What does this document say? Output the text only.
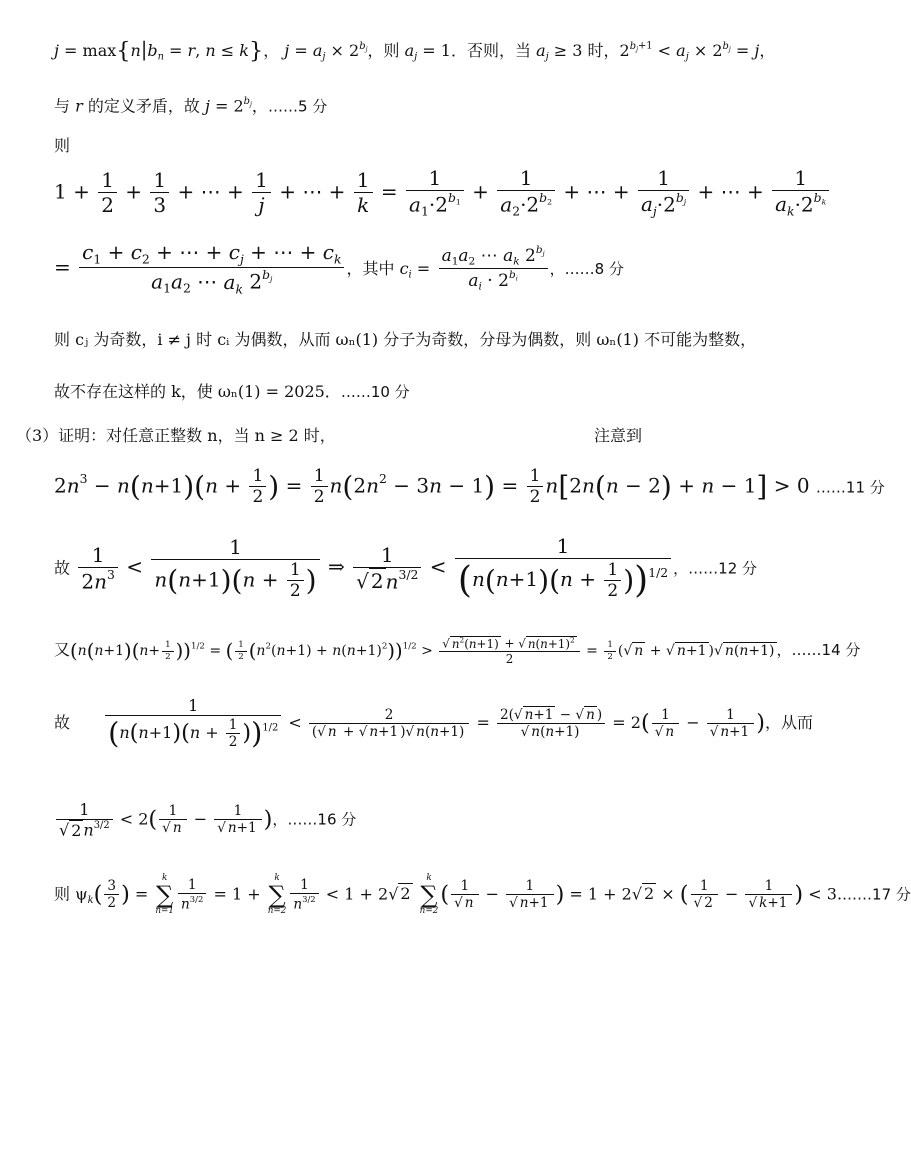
$j = \max\{n|b_n = r$, n ≤ k}， $j = a_j \times 2^{b_j}$，则 $a_j = 1$．否则，当 $a_j \ge 3$ 时，$2^{b_j+1} < a_j \times 2^{b_j} = j$，
与 r 的定义矛盾，故 $j = 2^{b_j}$，……5 分
则
$1 + \frac{1}{2} + \frac{1}{3}$ + ⋯ + $\frac{1}{j}$ + ⋯ + $\frac{1}{k} = \frac{1}{a_1\cdot 2^{b_1}} + \frac{1}{a_2\cdot 2^{b_2}}$ + ⋯ + $\frac{1}{a_j\cdot 2^{b_j}}$ + ⋯ + $\frac{1}{a_k\cdot 2^{b_k}}$
= $\frac{c_1 + c_2 + \cdots + c_j + \cdots + c_k}{a_1a_2 \cdots a_k 2^{b_j}}$ ，其中 $c_i = \frac{a_1a_2 \cdots a_k 2^{b_j}}{a_i \cdot 2^{b_i}}$ ，……8 分
则 cⱼ 为奇数，i ≠ j 时 cᵢ 为偶数，从而 ωₙ(1) 分子为奇数，分母为偶数，则 ωₙ(1) 不可能为整数，
故不存在这样的 k，使 ωₙ(1) = 2025．……10 分
（3）证明：对任意正整数 n，当 n ≥ 2 时，	注意到
$2n^3 - n(n+1)(n + \frac{1}{2}$ ) = $\frac{1}{2} n(2n^2 - 3n - 1) = \frac{1}{2} n[2n(n - 2) + n - 1] > 0$ ……11 分
故 $\frac{1}{2n^3} < \frac{1}{n(n+1)(n + \frac{1}{2} )}$ ⇒ $\frac{1}{√ 2 n^{3/2}} < \frac{1}{(n(n+1)(n + \frac{1}{2} ))^{1/2}}$ ，……12 分
又$(n(n+1)(n+ \frac{1}{2} ))^{1/2}$ = ( $\frac{1}{2} (n^2(n+1) + n(n+1)^2))^{1/2} > \frac{√ n^2(n+1) + √ n(n+1)^2}{2} = \frac{1}{2}$ (√ n + √ n+1 )√ n(n+1) ，……14 分
故 $\frac{1}{(n(n+1)(n + \frac{1}{2} ))^{1/2}} < \frac{2}{(√ n + √ n+1 )√ n(n+1)} = \frac{2(√ n+1 - √ n )}{√ n(n+1)} = 2( \frac{1}{√ n} - \frac{1}{√ n+1}$ )，从而
$\frac{1}{√ 2 n^{3/2}} < 2( \frac{1}{√ n} - \frac{1}{√ n+1}$ )，……16 分
则 $\psi_k( \frac{3}{2}$ ) =
k
∑
$n=1 \frac{1}{n^{3/2}} = 1$ +
k
∑
$n=2 \frac{1}{n^{3/2}} < 1 + 2√$ 2
k
∑
n=2
( $\frac{1}{√ n} - \frac{1}{√ n+1}$ ) = 1 + 2√ 2 × ( $\frac{1}{√ 2} - \frac{1}{√ k+1}$ ) < 3.……17 分
